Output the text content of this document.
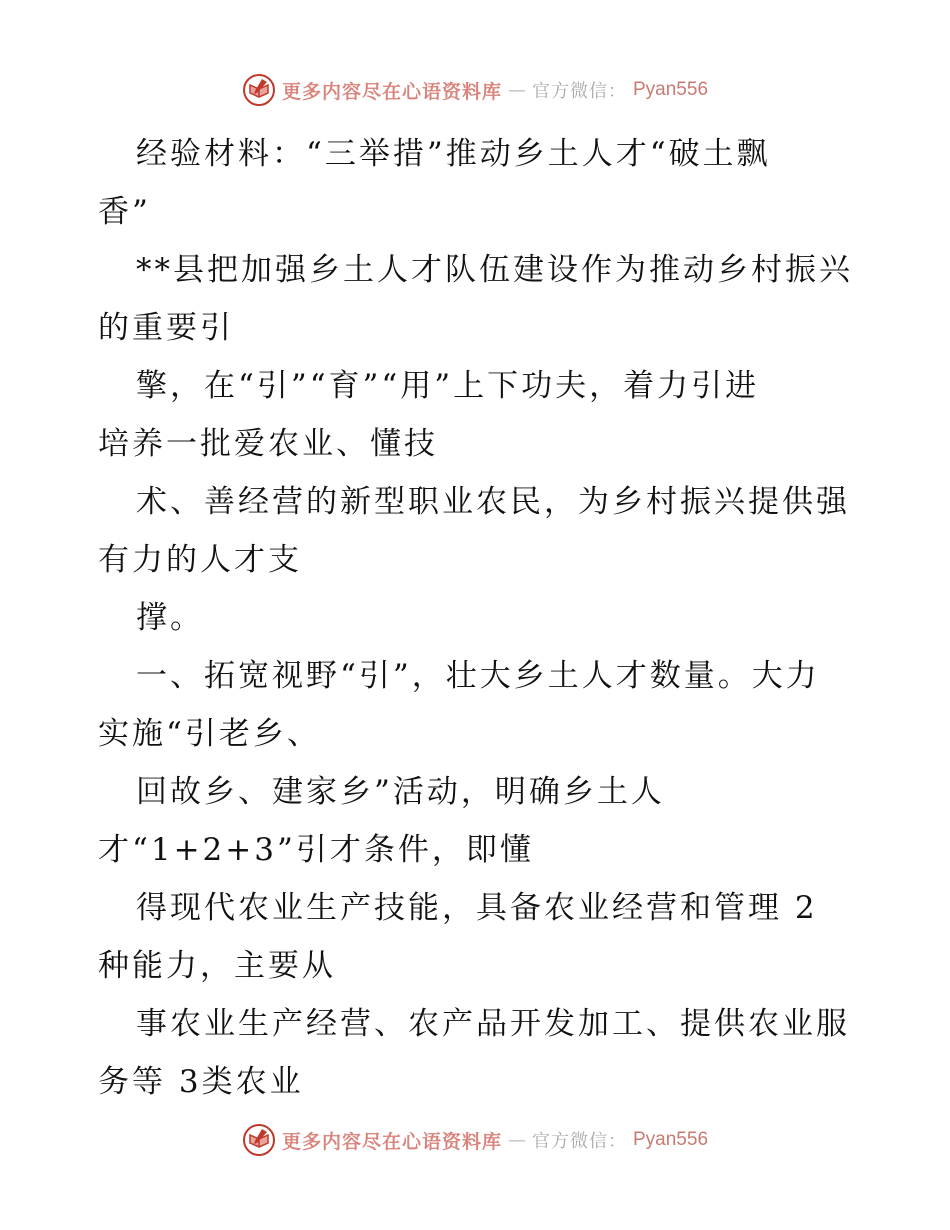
更多内容尽在心语资料库 — 官方微信： Pyan556
经验材料：“三举措”推动乡土人才“破土飘
香”
**县把加强乡土人才队伍建设作为推动乡村振兴
的重要引
擎，在“引”“育”“用”上下功夫，着力引进
培养一批爱农业、懂技
术、善经营的新型职业农民，为乡村振兴提供强
有力的人才支
撑。
一、拓宽视野“引”，壮大乡土人才数量。大力
实施“引老乡、
回故乡、建家乡”活动，明确乡土人
才“1+2+3”引才条件，即懂
得现代农业生产技能，具备农业经营和管理 2
种能力，主要从
事农业生产经营、农产品开发加工、提供农业服
务等 3类农业
更多内容尽在心语资料库 — 官方微信： Pyan556
